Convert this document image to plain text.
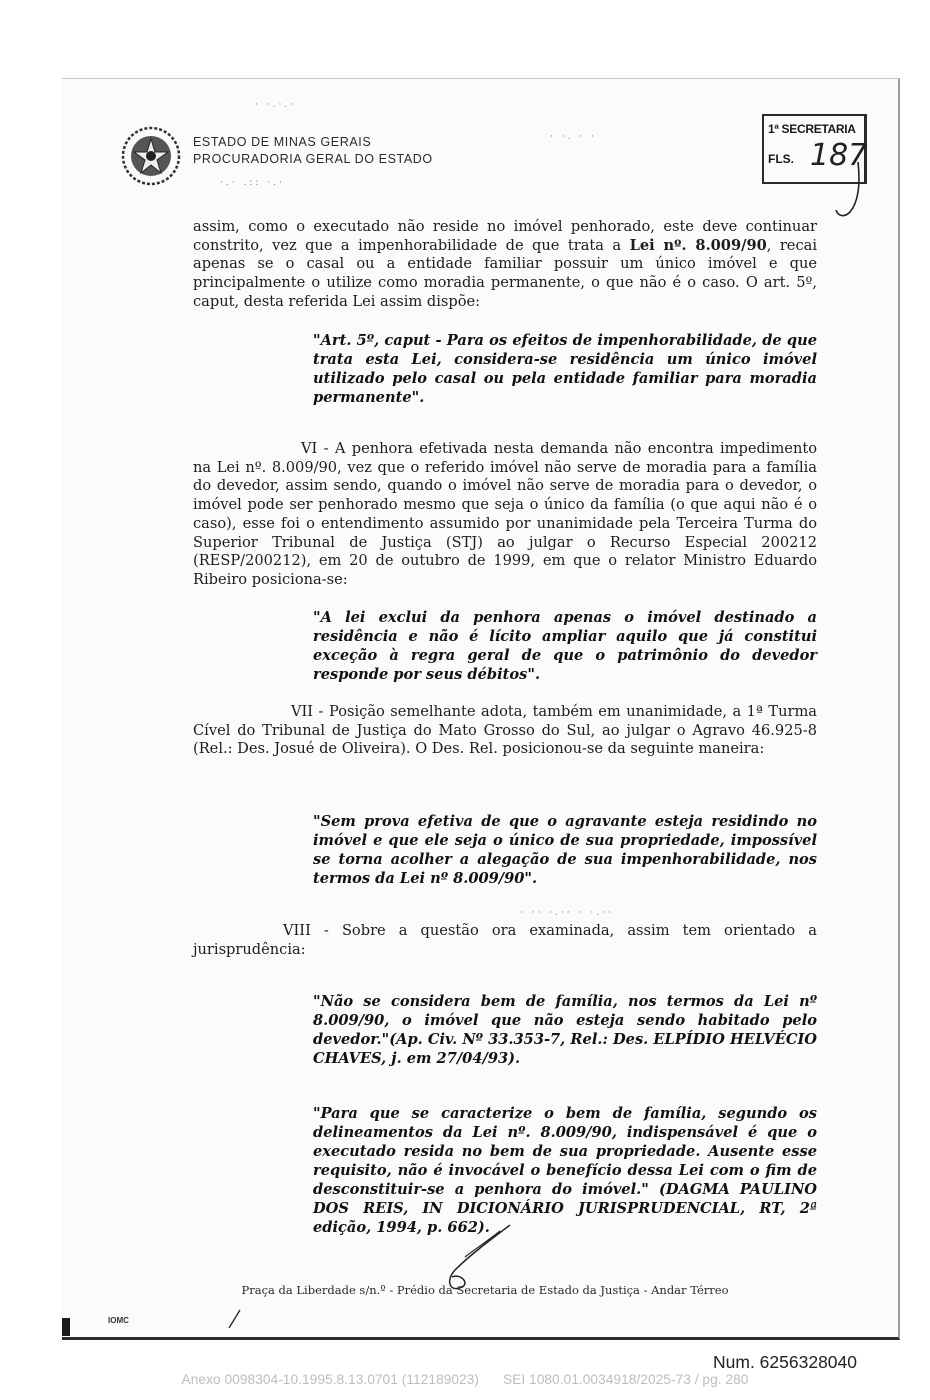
ESTADO DE MINAS GERAIS
PROCURADORIA GERAL DO ESTADO
1ª SECRETARIA
FLS. 187
· ·.·.·
·.· .:: ·.·
· ·. · ·
· ·· ·.·· · ·.··
assim, como o executado não reside no imóvel penhorado, este deve continuar constrito, vez que a impenhorabilidade de que trata a Lei nº. 8.009/90, recai apenas se o casal ou a entidade familiar possuir um único imóvel e que principalmente o utilize como moradia permanente, o que não é o caso. O art. 5º, caput, desta referida Lei assim dispõe:
"Art. 5º, caput - Para os efeitos de impenhorabilidade, de que trata esta Lei, considera-se residência um único imóvel utilizado pelo casal ou pela entidade familiar para moradia permanente".
VI - A penhora efetivada nesta demanda não encontra impedimento na Lei nº. 8.009/90, vez que o referido imóvel não serve de moradia para a família do devedor, assim sendo, quando o imóvel não serve de moradia para o devedor, o imóvel pode ser penhorado mesmo que seja o único da família (o que aqui não é o caso), esse foi o entendimento assumido por unanimidade pela Terceira Turma do Superior Tribunal de Justiça (STJ) ao julgar o Recurso Especial 200212 (RESP/200212), em 20 de outubro de 1999, em que o relator Ministro Eduardo Ribeiro posiciona-se:
"A lei exclui da penhora apenas o imóvel destinado a residência e não é lícito ampliar aquilo que já constitui exceção à regra geral de que o patrimônio do devedor responde por seus débitos".
VII - Posição semelhante adota, também em unanimidade, a 1ª Turma Cível do Tribunal de Justiça do Mato Grosso do Sul, ao julgar o Agravo 46.925-8 (Rel.: Des. Josué de Oliveira). O Des. Rel. posicionou-se da seguinte maneira:
"Sem prova efetiva de que o agravante esteja residindo no imóvel e que ele seja o único de sua propriedade, impossível se torna acolher a alegação de sua impenhorabilidade, nos termos da Lei nº 8.009/90".
VIII - Sobre a questão ora examinada, assim tem orientado a jurisprudência:
"Não se considera bem de família, nos termos da Lei nº 8.009/90, o imóvel que não esteja sendo habitado pelo devedor."(Ap. Civ. Nº 33.353-7, Rel.: Des. ELPÍDIO HELVÉCIO CHAVES, j. em 27/04/93).
"Para que se caracterize o bem de família, segundo os delineamentos da Lei nº. 8.009/90, indispensável é que o executado resida no bem de sua propriedade. Ausente esse requisito, não é invocável o benefício dessa Lei com o fim de desconstituir-se a penhora do imóvel." (DAGMA PAULINO DOS REIS, IN DICIONÁRIO JURISPRUDENCIAL, RT, 2ª edição, 1994, p. 662).
Praça da Liberdade s/n.º - Prédio da Secretaria de Estado da Justiça - Andar Térreo
IOMC
Num. 6256328040
Anexo 0098304-10.1995.8.13.0701 (112189023) SEI 1080.01.0034918/2025-73 / pg. 280
